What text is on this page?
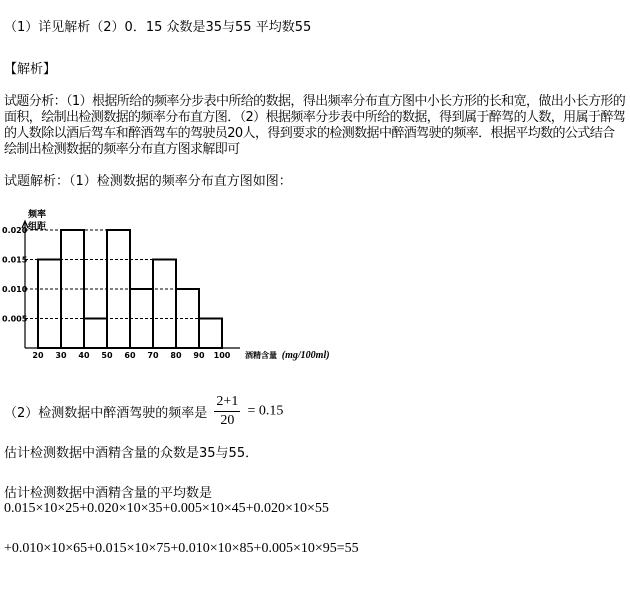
（1）详见解析（2）0．15 众数是35与55 平均数55
【解析】
试题分析：（1）根据所给的频率分步表中所给的数据，得出频率分布直方图中小长方形的长和宽，做出小长方形的面积，绘制出检测数据的频率分布直方图．（2）根据频率分步表中所给的数据，得到属于醉驾的人数，用属于醉驾的人数除以酒后驾车和醉酒驾车的驾驶员20人，得到要求的检测数据中醉酒驾驶的频率．根据平均数的公式结合绘制出检测数据的频率分布直方图求解即可
试题解析：（1）检测数据的频率分布直方图如图：
0.005
0.010
0.015
0.020
20 30 40 50 60 70 80 90 100
频率
组距
酒精含量 (mg/100ml)
（2）检测数据中醉酒驾驶的频率是 $\frac{2+1}{20} = 0.15$
估计检测数据中酒精含量的众数是35与55．
估计检测数据中酒精含量的平均数是
0.015×10×25+0.020×10×35+0.005×10×45+0.020×10×55
+0.010×10×65+0.015×10×75+0.010×10×85+0.005×10×95=55
